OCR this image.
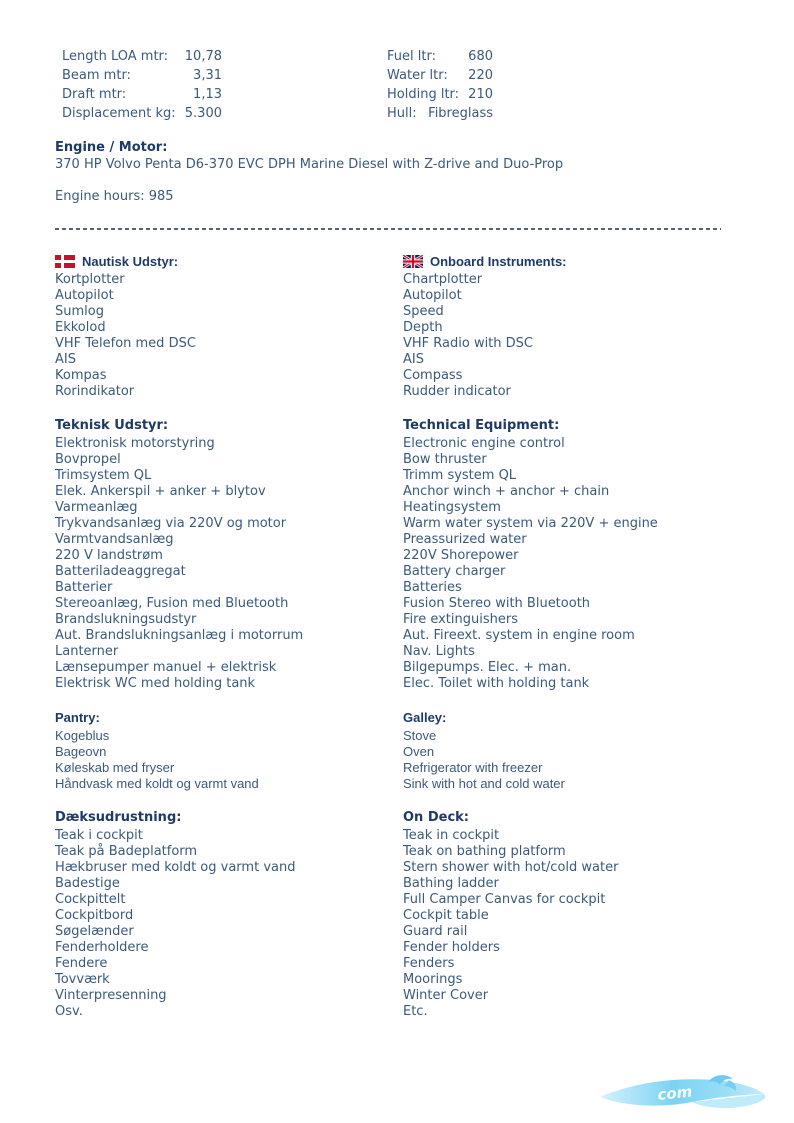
Length LOA mtr:	10,78
Beam mtr:	3,31
Draft mtr:	1,13
Displacement kg: 5.300
Fuel ltr:	680
Water ltr:	220
Holding ltr: 210
Hull: Fibreglass
Engine / Motor:
370 HP Volvo Penta D6-370 EVC DPH Marine Diesel with Z-drive and Duo-Prop
Engine hours: 985
Nautisk Udstyr:
Kortplotter
Autopilot
Sumlog
Ekkolod
VHF Telefon med DSC
AIS
Kompas
Rorindikator
Onboard Instruments:
Chartplotter
Autopilot
Speed
Depth
VHF Radio with DSC
AIS
Compass
Rudder indicator
Teknisk Udstyr:
Elektronisk motorstyring
Bovpropel
Trimsystem QL
Elek. Ankerspil + anker + blytov
Varmeanlæg
Trykvandsanlæg via 220V og motor
Varmtvandsanlæg
220 V landstrøm
Batteriladeaggregat
Batterier
Stereoanlæg, Fusion med Bluetooth
Brandslukningsudstyr
Aut. Brandslukningsanlæg i motorrum
Lanterner
Lænsepumper manuel + elektrisk
Elektrisk WC med holding tank
Technical Equipment:
Electronic engine control
Bow thruster
Trimm system QL
Anchor winch + anchor + chain
Heatingsystem
Warm water system via 220V + engine
Preassurized water
220V Shorepower
Battery charger
Batteries
Fusion Stereo with Bluetooth
Fire extinguishers
Aut. Fireext. system in engine room
Nav. Lights
Bilgepumps. Elec. + man.
Elec. Toilet with holding tank
Pantry:
Kogeblus
Bageovn
Køleskab med fryser
Håndvask med koldt og varmt vand
Galley:
Stove
Oven
Refrigerator with freezer
Sink with hot and cold water
Dæksudrustning:
Teak i cockpit
Teak på Badeplatform
Hækbruser med koldt og varmt vand
Badestige
Cockpittelt
Cockpitbord
Søgelænder
Fenderholdere
Fendere
Tovværk
Vinterpresenning
Osv.
On Deck:
Teak in cockpit
Teak on bathing platform
Stern shower with hot/cold water
Bathing ladder
Full Camper Canvas for cockpit
Cockpit table
Guard rail
Fender holders
Fenders
Moorings
Winter Cover
Etc.
com
